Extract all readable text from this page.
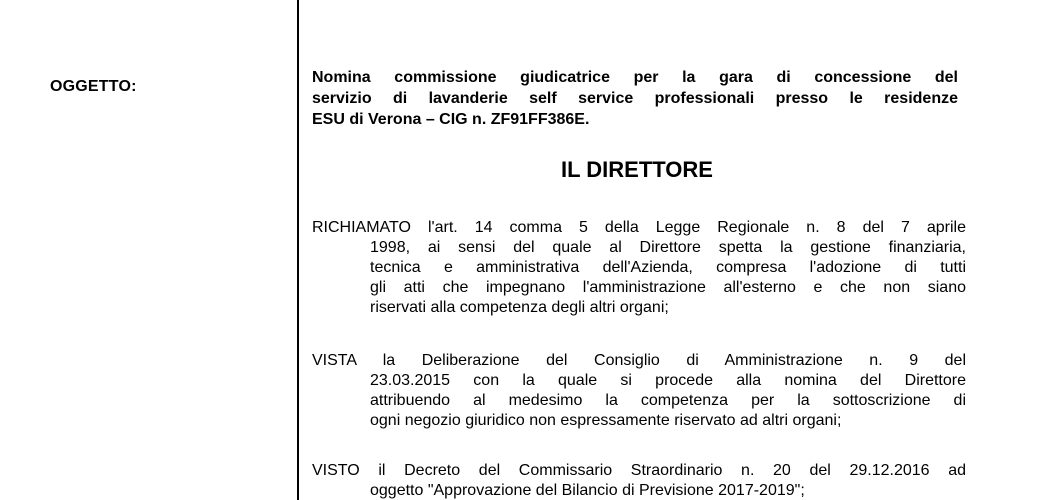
OGGETTO:
Nomina commissione giudicatrice per la gara di concessione del
servizio di lavanderie self service professionali presso le residenze
ESU di Verona – CIG n. ZF91FF386E.
IL DIRETTORE
RICHIAMATO l'art. 14 comma 5 della Legge Regionale n. 8 del 7 aprile
1998, ai sensi del quale al Direttore spetta la gestione finanziaria,
tecnica e amministrativa dell'Azienda, compresa l'adozione di tutti
gli atti che impegnano l'amministrazione all'esterno e che non siano
riservati alla competenza degli altri organi;
VISTA la Deliberazione del Consiglio di Amministrazione n. 9 del
23.03.2015 con la quale si procede alla nomina del Direttore
attribuendo al medesimo la competenza per la sottoscrizione di
ogni negozio giuridico non espressamente riservato ad altri organi;
VISTO il Decreto del Commissario Straordinario n. 20 del 29.12.2016 ad
oggetto "Approvazione del Bilancio di Previsione 2017-2019";
